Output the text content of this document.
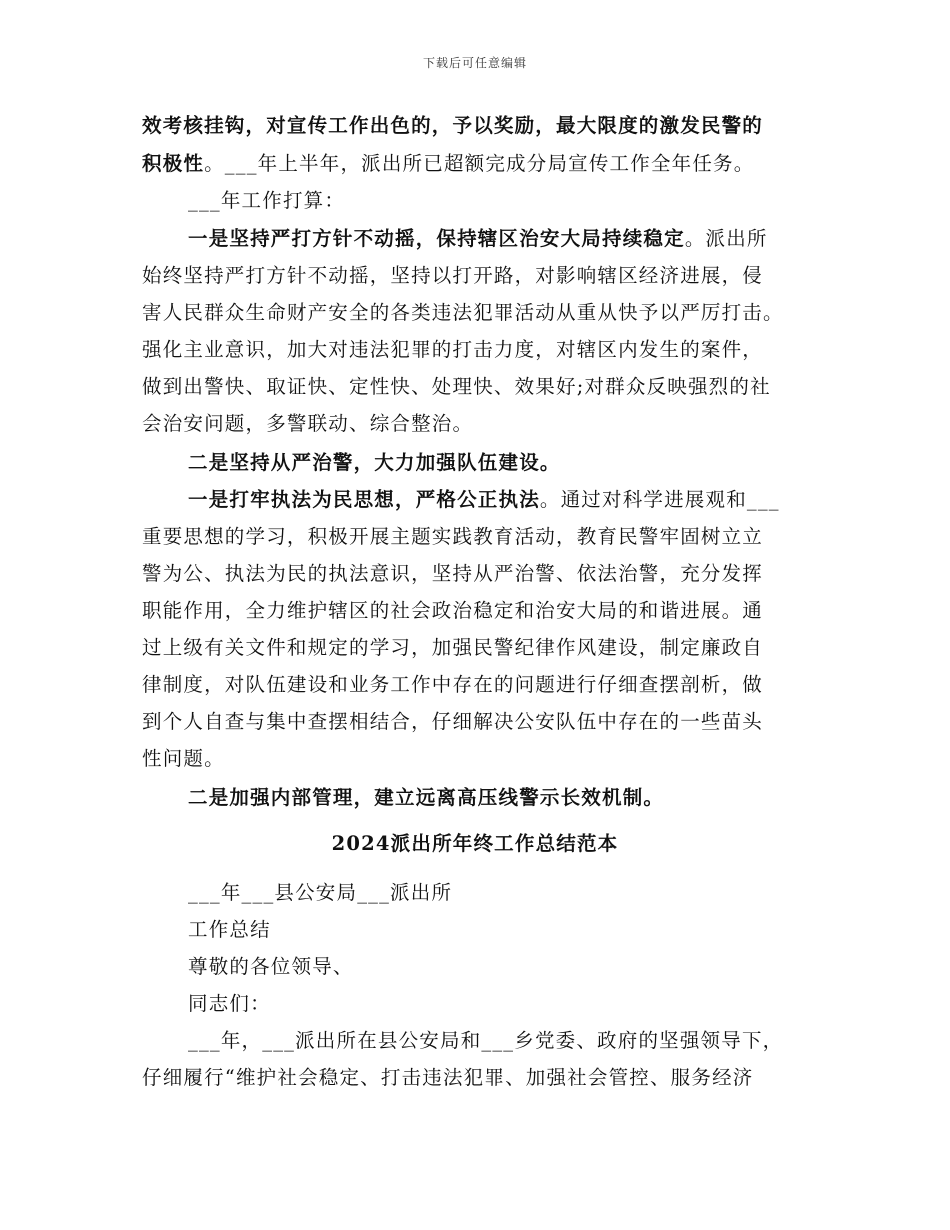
下载后可任意编辑
效考核挂钩，对宣传工作出色的，予以奖励，最大限度的激发民警的
积极性。___年上半年，派出所已超额完成分局宣传工作全年任务。
___年工作打算：
一是坚持严打方针不动摇，保持辖区治安大局持续稳定。派出所
始终坚持严打方针不动摇，坚持以打开路，对影响辖区经济进展，侵
害人民群众生命财产安全的各类违法犯罪活动从重从快予以严厉打击。
强化主业意识，加大对违法犯罪的打击力度，对辖区内发生的案件，
做到出警快、取证快、定性快、处理快、效果好;对群众反映强烈的社
会治安问题，多警联动、综合整治。
二是坚持从严治警，大力加强队伍建设。
一是打牢执法为民思想，严格公正执法。通过对科学进展观和___
重要思想的学习，积极开展主题实践教育活动，教育民警牢固树立立
警为公、执法为民的执法意识，坚持从严治警、依法治警，充分发挥
职能作用，全力维护辖区的社会政治稳定和治安大局的和谐进展。通
过上级有关文件和规定的学习，加强民警纪律作风建设，制定廉政自
律制度，对队伍建设和业务工作中存在的问题进行仔细查摆剖析，做
到个人自查与集中查摆相结合，仔细解决公安队伍中存在的一些苗头
性问题。
二是加强内部管理，建立远离高压线警示长效机制。
2024派出所年终工作总结范本
___年___县公安局___派出所
工作总结
尊敬的各位领导、
同志们：
___年，___派出所在县公安局和___乡党委、政府的坚强领导下，
仔细履行“维护社会稳定、打击违法犯罪、加强社会管控、服务经济
